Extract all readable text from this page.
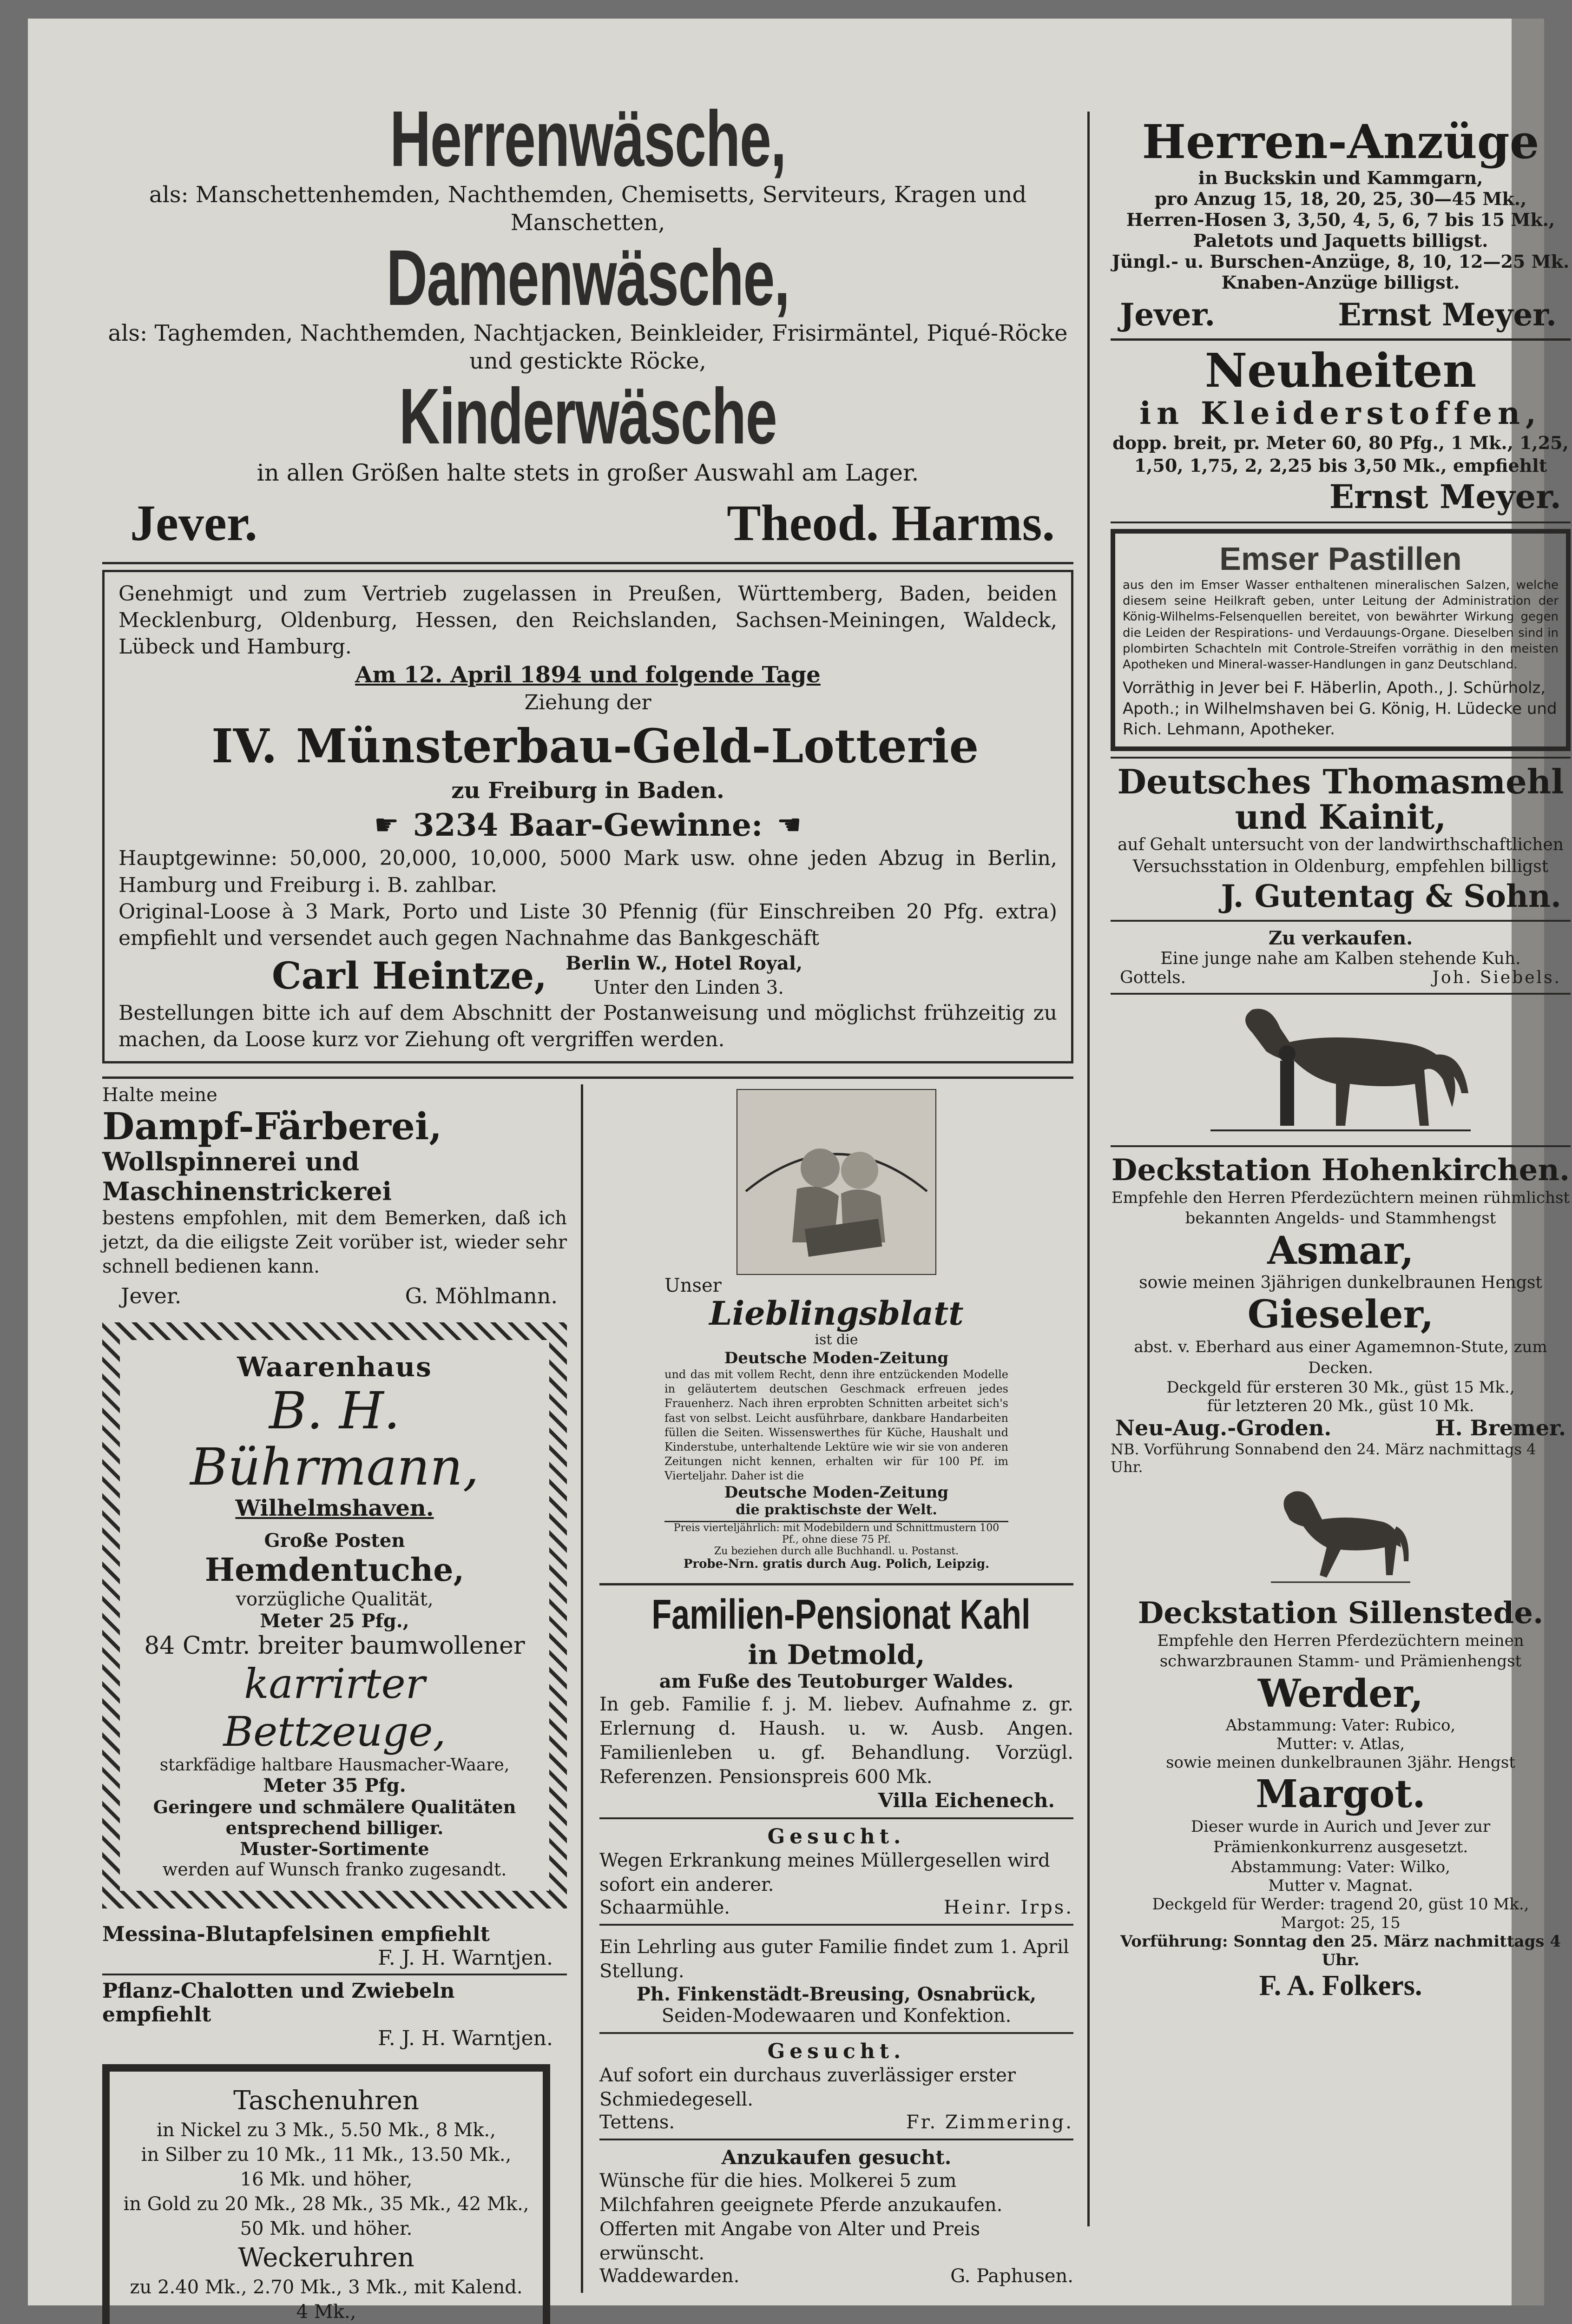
Herrenwäsche,
als: Manschettenhemden, Nachthemden, Chemisetts, Serviteurs, Kragen und Manschetten,
Damenwäsche,
als: Taghemden, Nachthemden, Nachtjacken, Beinkleider, Frisirmäntel, Piqué-Röcke
und gestickte Röcke,
Kinderwäsche
in allen Größen halte stets in großer Auswahl am Lager.
Jever.	Theod. Harms.
Genehmigt und zum Vertrieb zugelassen in Preußen, Württemberg, Baden, beiden Mecklenburg, Oldenburg, Hessen, den Reichslanden, Sachsen-Meiningen, Waldeck, Lübeck und Hamburg.
Am 12. April 1894 und folgende Tage
Ziehung der
IV. Münsterbau-Geld-Lotterie
zu Freiburg in Baden.
☛ 3234 Baar-Gewinne: ☚
Hauptgewinne: 50,000, 20,000, 10,000, 5000 Mark usw. ohne jeden Abzug in Berlin, Hamburg und Freiburg i. B. zahlbar.
Original-Loose à 3 Mark, Porto und Liste 30 Pfennig (für Einschreiben 20 Pfg. extra) empfiehlt und versendet auch gegen Nachnahme das Bankgeschäft
Carl Heintze, Berlin W., Hotel Royal,
Unter den Linden 3.
Bestellungen bitte ich auf dem Abschnitt der Postanweisung und möglichst frühzeitig zu machen, da Loose kurz vor Ziehung oft vergriffen werden.
Halte meine
Dampf-Färberei,
Wollspinnerei und Maschinenstrickerei
bestens empfohlen, mit dem Bemerken, daß ich jetzt, da die eiligste Zeit vorüber ist, wieder sehr schnell bedienen kann.
Jever.	G. Möhlmann.
Waarenhaus
B. H. Bührmann,
Wilhelmshaven.
Große Posten
Hemdentuche,
vorzügliche Qualität,
Meter 25 Pfg.,
84 Cmtr. breiter baumwollener
karrirter Bettzeuge,
starkfädige haltbare Hausmacher-Waare,
Meter 35 Pfg.
Geringere und schmälere Qualitäten entsprechend billiger.
Muster-Sortimente
werden auf Wunsch franko zugesandt.
Messina-Blutapfelsinen empfiehlt
F. J. H. Warntjen.
Pflanz-Chalotten und Zwiebeln empfiehlt
F. J. H. Warntjen.
Taschenuhren
in Nickel zu 3 Mk., 5.50 Mk., 8 Mk.,
in Silber zu 10 Mk., 11 Mk., 13.50 Mk.,
16 Mk. und höher,
in Gold zu 20 Mk., 28 Mk., 35 Mk., 42 Mk.,
50 Mk. und höher.
Weckeruhren
zu 2.40 Mk., 2.70 Mk., 3 Mk., mit Kalend. 4 Mk.,
Unser
Lieblingsblatt
ist die
Deutsche Moden-Zeitung
und das mit vollem Recht, denn ihre entzückenden Modelle in geläutertem deutschen Geschmack erfreuen jedes Frauenherz. Nach ihren erprobten Schnitten arbeitet sich's fast von selbst. Leicht ausführbare, dankbare Handarbeiten füllen die Seiten. Wissenswerthes für Küche, Haushalt und Kinderstube, unterhaltende Lektüre wie wir sie von anderen Zeitungen nicht kennen, erhalten wir für 100 Pf. im Vierteljahr. Daher ist die
Deutsche Moden-Zeitung
die praktischste der Welt.
Preis vierteljährlich: mit Modebildern und Schnittmustern 100 Pf., ohne diese 75 Pf.
Zu beziehen durch alle Buchhandl. u. Postanst.
Probe-Nrn. gratis durch Aug. Polich, Leipzig.
Familien-Pensionat Kahl
in Detmold,
am Fuße des Teutoburger Waldes.
In geb. Familie f. j. M. liebev. Aufnahme z. gr. Erlernung d. Haush. u. w. Ausb. Angen. Familienleben u. gf. Behandlung. Vorzügl. Referenzen. Pensionspreis 600 Mk.
Villa Eichenech.
Gesucht.
Wegen Erkrankung meines Müllergesellen wird sofort ein anderer.
Schaarmühle.	Heinr. Irps.
Ein Lehrling aus guter Familie findet zum 1. April Stellung.
Ph. Finkenstädt-Breusing, Osnabrück,
Seiden-Modewaaren und Konfektion.
Gesucht.
Auf sofort ein durchaus zuverlässiger erster Schmiedegesell.
Tettens.	Fr. Zimmering.
Anzukaufen gesucht.
Wünsche für die hies. Molkerei 5 zum Milchfahren geeignete Pferde anzukaufen. Offerten mit Angabe von Alter und Preis erwünscht.
Waddewarden.	G. Paphusen.
Herren-Anzüge
in Buckskin und Kammgarn,
pro Anzug 15, 18, 20, 25, 30—45 Mk.,
Herren-Hosen 3, 3,50, 4, 5, 6, 7 bis 15 Mk.,
Paletots und Jaquetts billigst.
Jüngl.- u. Burschen-Anzüge, 8, 10, 12—25 Mk.
Knaben-Anzüge billigst.
Jever.	Ernst Meyer.
Neuheiten
in Kleiderstoffen,
dopp. breit, pr. Meter 60, 80 Pfg., 1 Mk., 1,25, 1,50, 1,75, 2, 2,25 bis 3,50 Mk., empfiehlt
Ernst Meyer.
Emser Pastillen
aus den im Emser Wasser enthaltenen mineralischen Salzen, welche diesem seine Heilkraft geben, unter Leitung der Administration der König-Wilhelms-Felsenquellen bereitet, von bewährter Wirkung gegen die Leiden der Respirations- und Verdauungs-Organe. Dieselben sind in plombirten Schachteln mit Controle-Streifen vorräthig in den meisten Apotheken und Mineral-wasser-Handlungen in ganz Deutschland.
Vorräthig in Jever bei F. Häberlin, Apoth., J. Schürholz, Apoth.; in Wilhelmshaven bei G. König, H. Lüdecke und Rich. Lehmann, Apotheker.
Deutsches Thomasmehl
und Kainit,
auf Gehalt untersucht von der landwirthschaftlichen Versuchsstation in Oldenburg, empfehlen billigst
J. Gutentag & Sohn.
Zu verkaufen.
Eine junge nahe am Kalben stehende Kuh.
Gottels.	Joh. Siebels.
Deckstation Hohenkirchen.
Empfehle den Herren Pferdezüchtern meinen rühmlichst bekannten Angelds- und Stammhengst
Asmar,
sowie meinen 3jährigen dunkelbraunen Hengst
Gieseler,
abst. v. Eberhard aus einer Agamemnon-Stute, zum Decken.
Deckgeld für ersteren 30 Mk., güst 15 Mk.,
für letzteren 20 Mk., güst 10 Mk.
Neu-Aug.-Groden.	H. Bremer.
NB. Vorführung Sonnabend den 24. März nachmittags 4 Uhr.
Deckstation Sillenstede.
Empfehle den Herren Pferdezüchtern meinen schwarzbraunen Stamm- und Prämienhengst
Werder,
Abstammung: Vater: Rubico,
Mutter: v. Atlas,
sowie meinen dunkelbraunen 3jähr. Hengst
Margot.
Dieser wurde in Aurich und Jever zur Prämienkonkurrenz ausgesetzt.
Abstammung: Vater: Wilko,
Mutter v. Magnat.
Deckgeld für Werder: tragend 20, güst 10 Mk.,
Margot: 25, 15
Vorführung: Sonntag den 25. März nachmittags 4 Uhr.
F. A. Folkers.
